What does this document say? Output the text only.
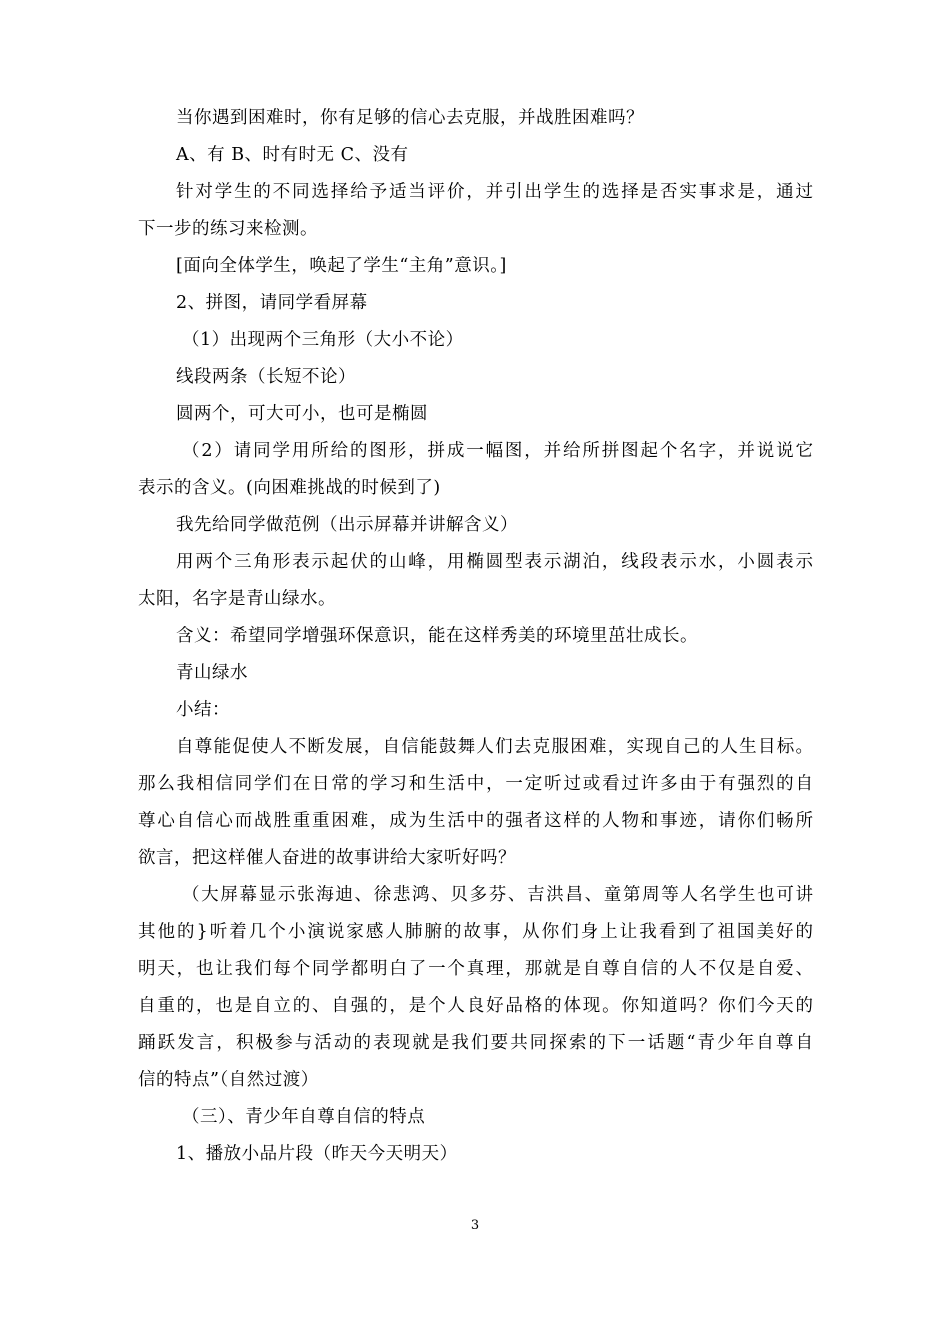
当你遇到困难时，你有足够的信心去克服，并战胜困难吗？
A、有 B、时有时无 C、没有
针对学生的不同选择给予适当评价，并引出学生的选择是否实事求是，通过
下一步的练习来检测。
[面向全体学生，唤起了学生“主角”意识。]
2、拼图，请同学看屏幕
（1）出现两个三角形（大小不论）
线段两条（长短不论）
圆两个，可大可小，也可是椭圆
（2）请同学用所给的图形，拼成一幅图，并给所拼图起个名字，并说说它
表示的含义。(向困难挑战的时候到了)
我先给同学做范例（出示屏幕并讲解含义）
用两个三角形表示起伏的山峰，用椭圆型表示湖泊，线段表示水，小圆表示
太阳，名字是青山绿水。
含义：希望同学增强环保意识，能在这样秀美的环境里茁壮成长。
青山绿水
小结：
自尊能促使人不断发展，自信能鼓舞人们去克服困难，实现自己的人生目标。
那么我相信同学们在日常的学习和生活中，一定听过或看过许多由于有强烈的自
尊心自信心而战胜重重困难，成为生活中的强者这样的人物和事迹，请你们畅所
欲言，把这样催人奋进的故事讲给大家听好吗？
（大屏幕显示张海迪、徐悲鸿、贝多芬、吉洪昌、童第周等人名学生也可讲
其他的}听着几个小演说家感人肺腑的故事，从你们身上让我看到了祖国美好的
明天，也让我们每个同学都明白了一个真理，那就是自尊自信的人不仅是自爱、
自重的，也是自立的、自强的，是个人良好品格的体现。你知道吗？你们今天的
踊跃发言，积极参与活动的表现就是我们要共同探索的下一话题“青少年自尊自
信的特点”（自然过渡）
（三）、青少年自尊自信的特点
1、播放小品片段（昨天今天明天）
3
